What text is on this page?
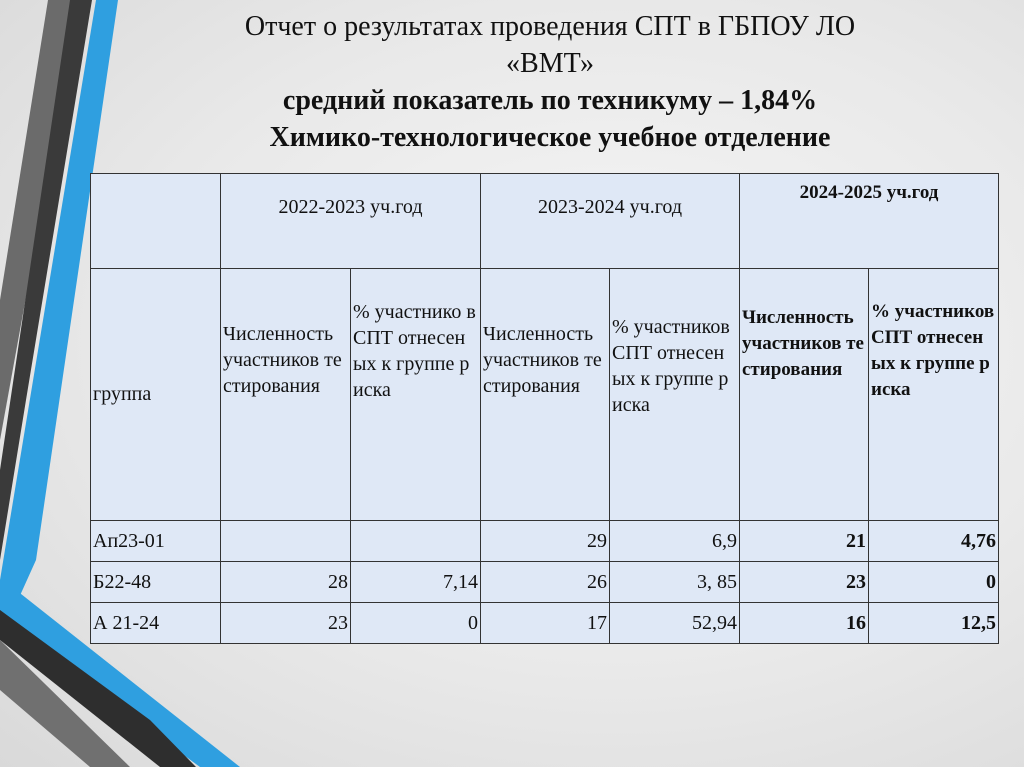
Отчет о результатах проведения СПТ в ГБПОУ ЛО
«ВМТ»
средний показатель по техникуму – 1,84%
Химико-технологическое учебное отделение
	2022-2023 уч.год		2023-2024 уч.год		2024-2025 уч.год	
группа	Численность участников тестирования	% участнико в СПТ отнесеных к группе риска	Численность участников тестирования	% участников СПТ отнесеных к группе риска	Численность участников тестирования	% участников СПТ отнесеных к группе риска
Ап23-01			29	6,9	21	4,76
Б22-48	28	7,14	26	3, 85	23	0
А 21-24	23	0	17	52,94	16	12,5
